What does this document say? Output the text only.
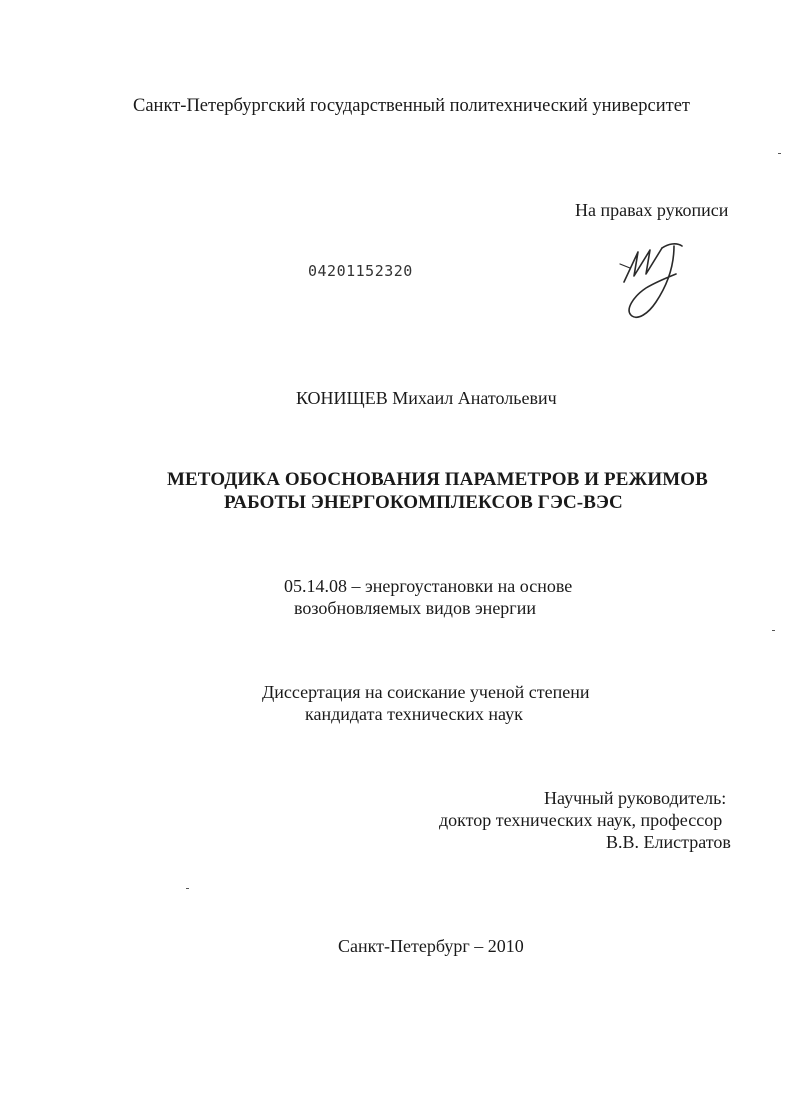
Санкт-Петербургский государственный политехнический университет
На правах рукописи
04201152320
КОНИЩЕВ Михаил Анатольевич
МЕТОДИКА ОБОСНОВАНИЯ ПАРАМЕТРОВ И РЕЖИМОВ
РАБОТЫ ЭНЕРГОКОМПЛЕКСОВ ГЭС-ВЭС
05.14.08 – энергоустановки на основе
возобновляемых видов энергии
Диссертация на соискание ученой степени
кандидата технических наук
Научный руководитель:
доктор технических наук, профессор
В.В. Елистратов
Санкт-Петербург – 2010
